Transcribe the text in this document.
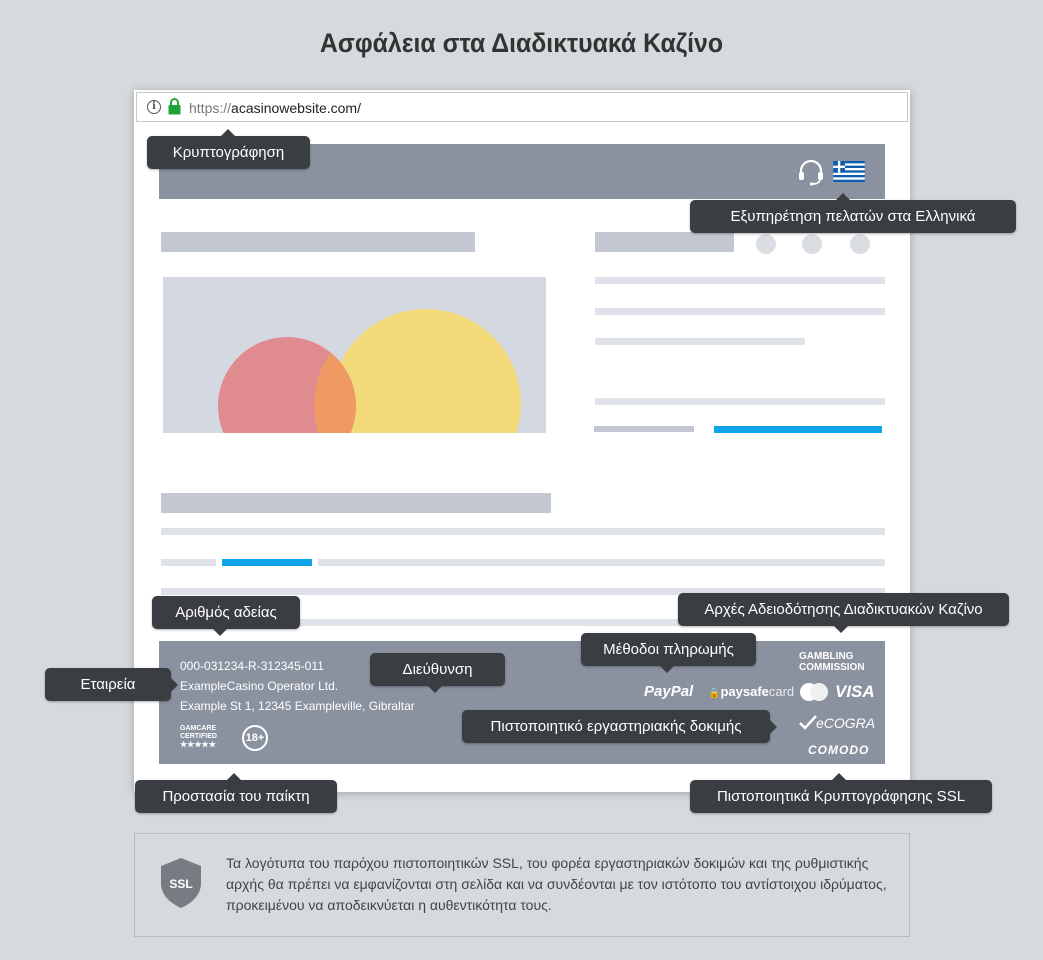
Ασφάλεια στα Διαδικτυακά Καζίνο
i	https://acasinowebsite.com/
000-031234-R-312345-011
ExampleCasino Operator Ltd.
Example St 1, 12345 Exampleville, Gibraltar
GAMCARE
CERTIFIED
★★★★★
18+
GAMBLING
COMMISSION
PayPal 🔒paysafecard VISA
eCOGRA
COMODO
Κρυπτογράφηση
Εξυπηρέτηση πελατών στα Ελληνικά
Αριθμός αδείας	Αρχές Αδειοδότησης Διαδικτυακών Καζίνο
Μέθοδοι πληρωμής
Εταιρεία
Διεύθυνση
Πιστοποιητικό εργαστηριακής δοκιμής
Προστασία του παίκτη	Πιστοποιητικά Κρυπτογράφησης SSL
SSL
Τα λογότυπα του παρόχου πιστοποιητικών SSL, του φορέα εργαστηριακών δοκιμών και της ρυθμιστικής αρχής θα πρέπει να εμφανίζονται στη σελίδα και να συνδέονται με τον ιστότοπο του αντίστοιχου ιδρύματος, προκειμένου να αποδεικνύεται η αυθεντικότητα τους.
